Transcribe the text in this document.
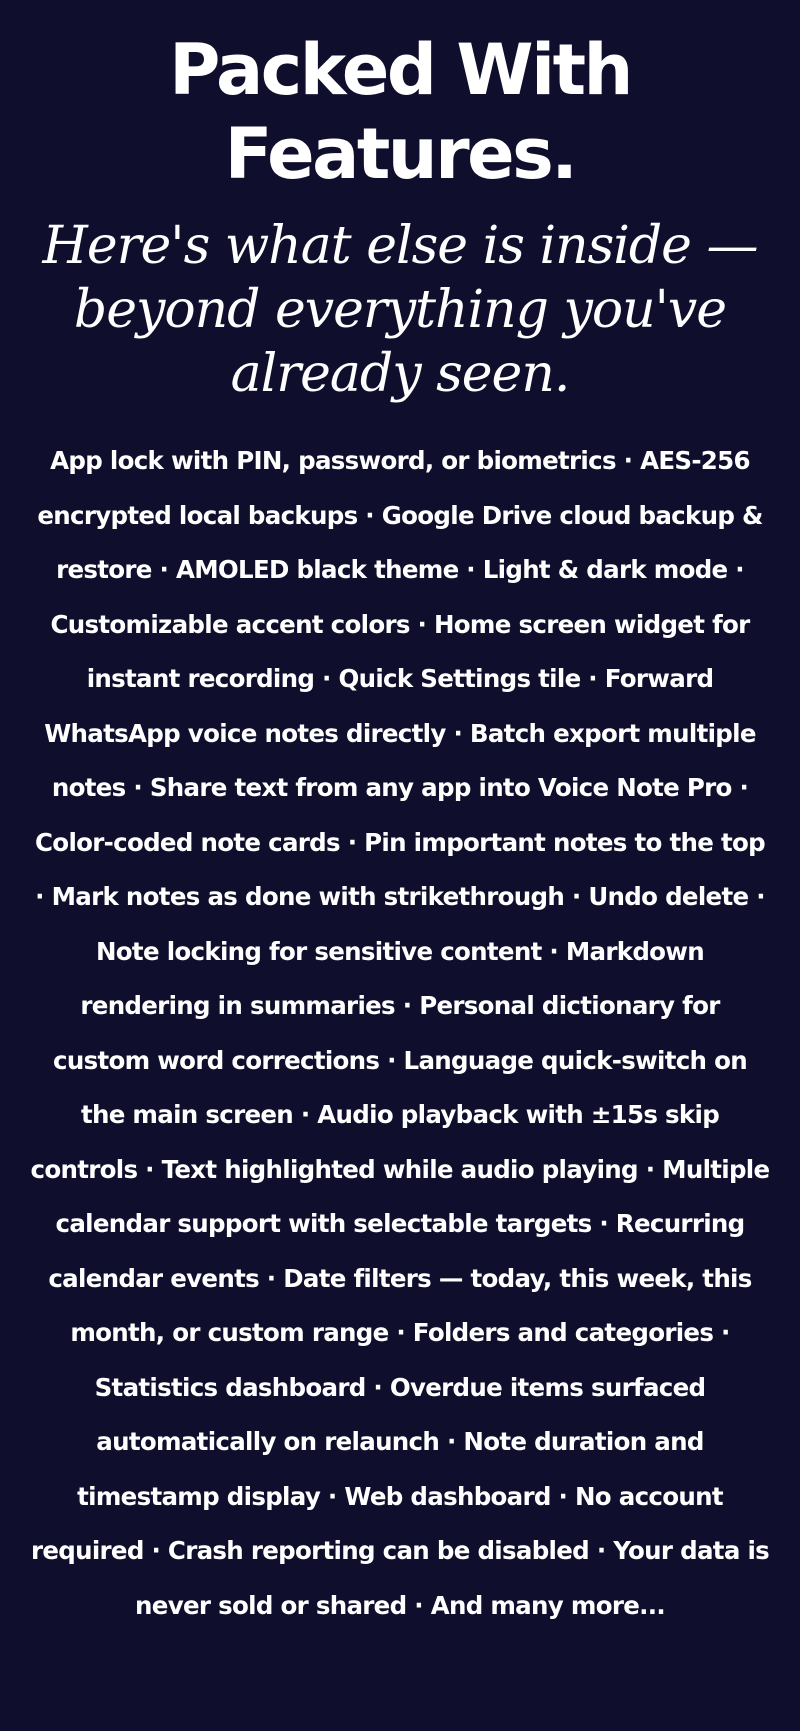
Packed With
Features.

Here's what else is inside —
beyond everything you've
already seen.

App lock with PIN, password, or biometrics · AES-256 encrypted local backups · Google Drive cloud backup & restore · AMOLED black theme · Light & dark mode · Customizable accent colors · Home screen widget for instant recording · Quick Settings tile · Forward WhatsApp voice notes directly · Batch export multiple notes · Share text from any app into Voice Note Pro · Color-coded note cards · Pin important notes to the top · Mark notes as done with strikethrough · Undo delete · Note locking for sensitive content · Markdown rendering in summaries · Personal dictionary for custom word corrections · Language quick-switch on the main screen · Audio playback with ±15s skip controls · Text highlighted while audio playing · Multiple calendar support with selectable targets · Recurring calendar events · Date filters — today, this week, this month, or custom range · Folders and categories · Statistics dashboard · Overdue items surfaced automatically on relaunch · Note duration and timestamp display · Web dashboard · No account required · Crash reporting can be disabled · Your data is never sold or shared · And many more...
